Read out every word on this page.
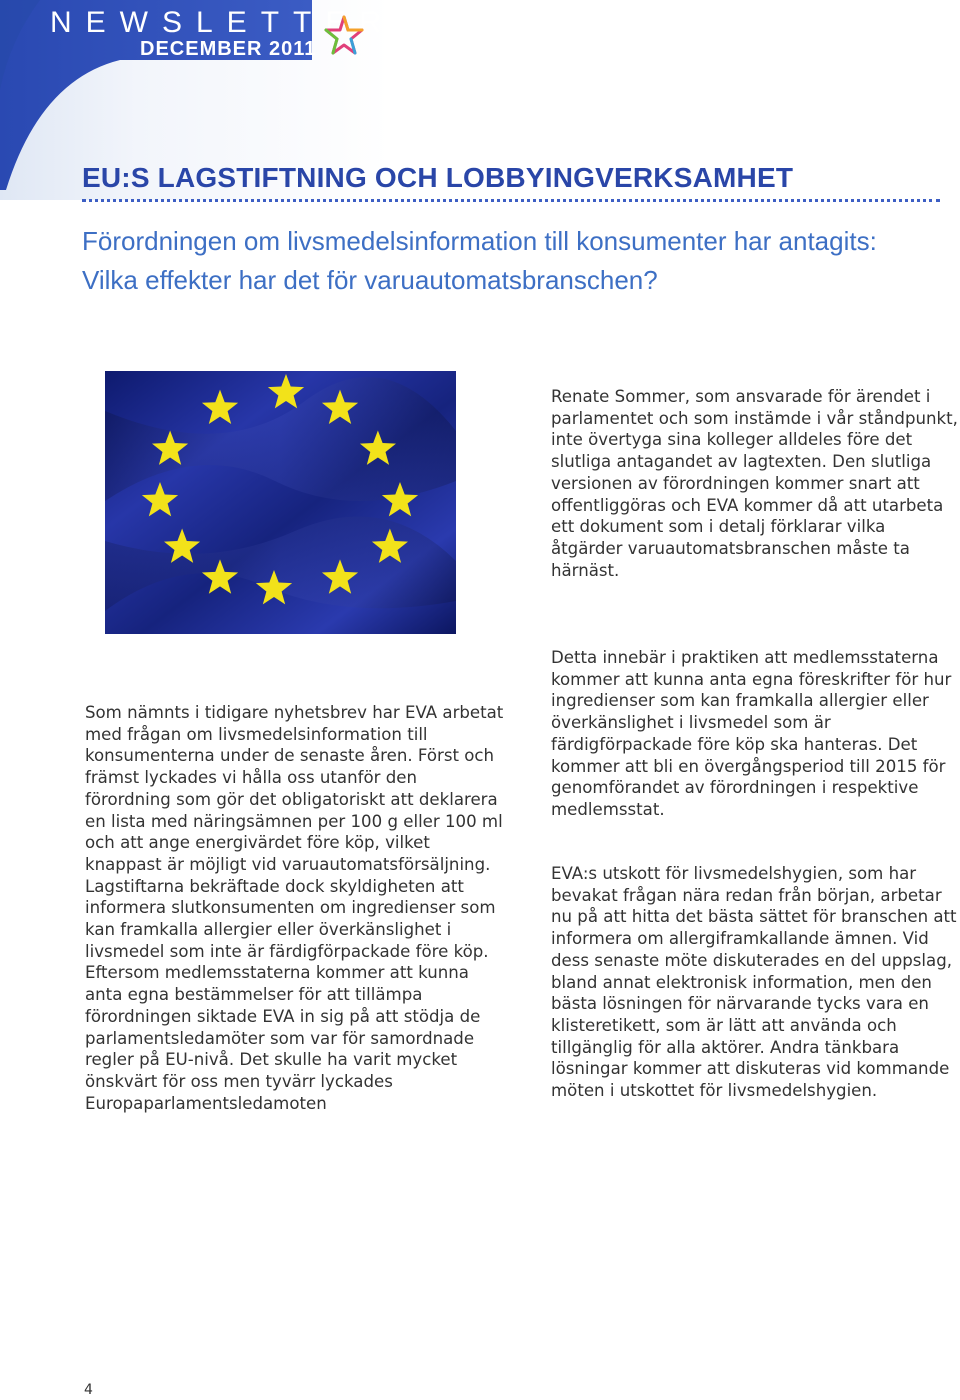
NEWSLETTER
DECEMBER 2011
EU:S LAGSTIFTNING OCH LOBBYINGVERKSAMHET
Förordningen om livsmedelsinformation till konsumenter har antagits: Vilka effekter har det för varuautomatsbranschen?

Renate Sommer, som ansvarade för ärendet i parlamentet och som instämde i vår ståndpunkt, inte övertyga sina kolleger alldeles före det slutliga antagandet av lagtexten. Den slutliga versionen av förordningen kommer snart att offentliggöras och EVA kommer då att utarbeta ett dokument som i detalj förklarar vilka åtgärder varuautomatsbranschen måste ta härnäst.

Som nämnts i tidigare nyhetsbrev har EVA arbetat med frågan om livsmedelsinformation till konsumenterna under de senaste åren. Först och främst lyckades vi hålla oss utanför den förordning som gör det obligatoriskt att deklarera en lista med näringsämnen per 100 g eller 100 ml och att ange energivärdet före köp, vilket knappast är möjligt vid varuautomatsförsäljning. Lagstiftarna bekräftade dock skyldigheten att informera slutkonsumenten om ingredienser som kan framkalla allergier eller överkänslighet i livsmedel som inte är färdigförpackade före köp. Eftersom medlemsstaterna kommer att kunna anta egna bestämmelser för att tillämpa förordningen siktade EVA in sig på att stödja de parlamentsledamöter som var för samordnade regler på EU-nivå. Det skulle ha varit mycket önskvärt för oss men tyvärr lyckades Europaparlamentsledamoten

Detta innebär i praktiken att medlemsstaterna kommer att kunna anta egna föreskrifter för hur ingredienser som kan framkalla allergier eller överkänslighet i livsmedel som är färdigförpackade före köp ska hanteras. Det kommer att bli en övergångsperiod till 2015 för genomförandet av förordningen i respektive medlemsstat.

EVA:s utskott för livsmedelshygien, som har bevakat frågan nära redan från början, arbetar nu på att hitta det bästa sättet för branschen att informera om allergiframkallande ämnen. Vid dess senaste möte diskuterades en del uppslag, bland annat elektronisk information, men den bästa lösningen för närvarande tycks vara en klisteretikett, som är lätt att använda och tillgänglig för alla aktörer. Andra tänkbara lösningar kommer att diskuteras vid kommande möten i utskottet för livsmedelshygien.

4
